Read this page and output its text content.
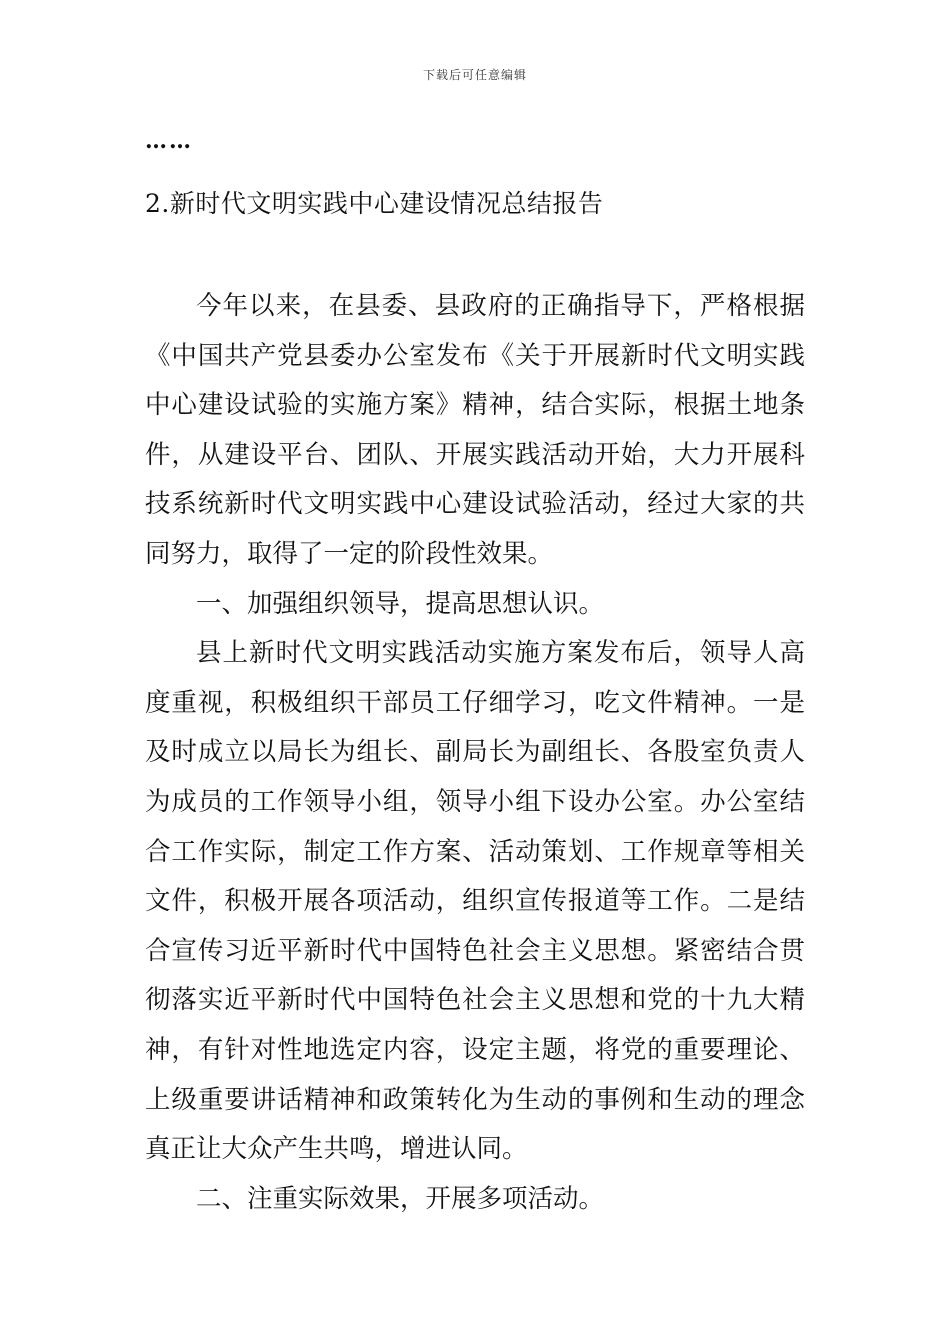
下载后可任意编辑
……
2.新时代文明实践中心建设情况总结报告

今年以来，在县委、县政府的正确指导下，严格根据《中国共产党县委办公室发布《关于开展新时代文明实践中心建设试验的实施方案》精神，结合实际，根据土地条件，从建设平台、团队、开展实践活动开始，大力开展科技系统新时代文明实践中心建设试验活动，经过大家的共同努力，取得了一定的阶段性效果。

一、加强组织领导，提高思想认识。

县上新时代文明实践活动实施方案发布后，领导人高度重视，积极组织干部员工仔细学习，吃文件精神。一是及时成立以局长为组长、副局长为副组长、各股室负责人为成员的工作领导小组，领导小组下设办公室。办公室结合工作实际，制定工作方案、活动策划、工作规章等相关文件，积极开展各项活动，组织宣传报道等工作。二是结合宣传习近平新时代中国特色社会主义思想。紧密结合贯彻落实近平新时代中国特色社会主义思想和党的十九大精神，有针对性地选定内容，设定主题，将党的重要理论、上级重要讲话精神和政策转化为生动的事例和生动的理念真正让大众产生共鸣，增进认同。

二、注重实际效果，开展多项活动。
